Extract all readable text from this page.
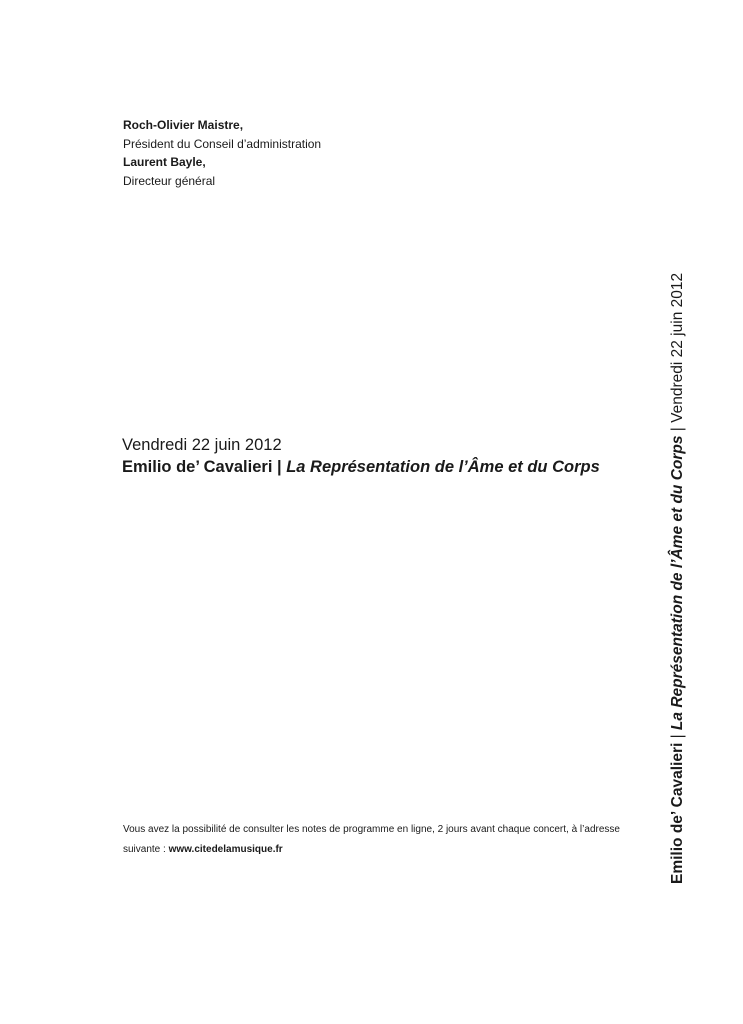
Roch-Olivier Maistre,
Président du Conseil d’administration
Laurent Bayle,
Directeur général
Vendredi 22 juin 2012
Emilio de’ Cavalieri | La Représentation de l’Âme et du Corps
Vous avez la possibilité de consulter les notes de programme en ligne, 2 jours avant chaque concert, à l’adresse suivante : www.citedelamusique.fr	Emilio de’ Cavalieri | La Représentation de l’Âme et du Corps | Vendredi 22 juin 2012
